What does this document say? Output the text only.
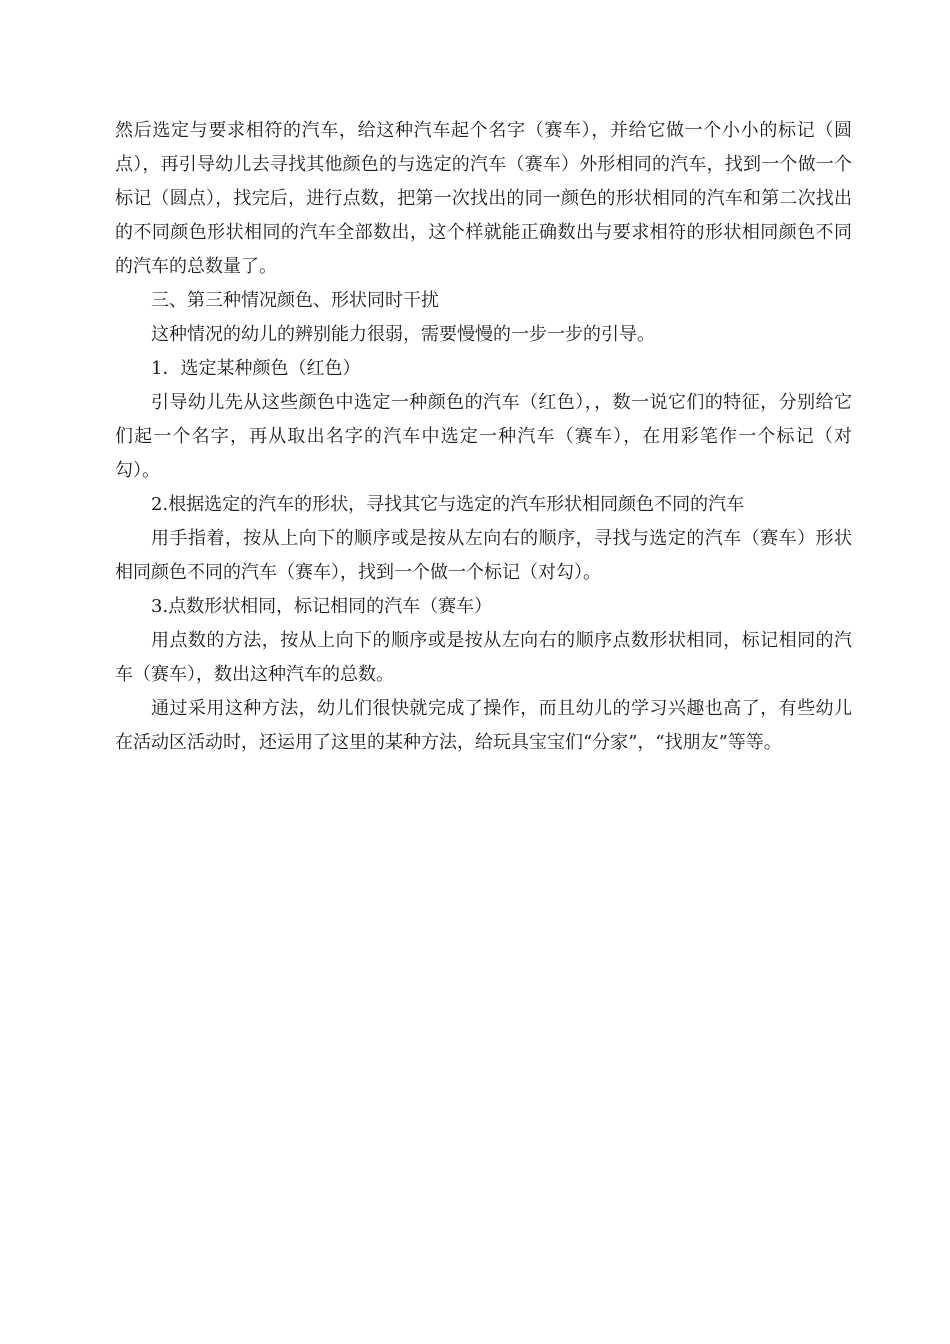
然后选定与要求相符的汽车，给这种汽车起个名字（赛车），并给它做一个小小的标记（圆点），再引导幼儿去寻找其他颜色的与选定的汽车（赛车）外形相同的汽车，找到一个做一个标记（圆点），找完后，进行点数，把第一次找出的同一颜色的形状相同的汽车和第二次找出的不同颜色形状相同的汽车全部数出，这个样就能正确数出与要求相符的形状相同颜色不同的汽车的总数量了。

三、第三种情况颜色、形状同时干扰

这种情况的幼儿的辨别能力很弱，需要慢慢的一步一步的引导。

1．选定某种颜色（红色）

引导幼儿先从这些颜色中选定一种颜色的汽车（红色），，数一说它们的特征，分别给它们起一个名字，再从取出名字的汽车中选定一种汽车（赛车），在用彩笔作一个标记（对勾）。

2.根据选定的汽车的形状，寻找其它与选定的汽车形状相同颜色不同的汽车

用手指着，按从上向下的顺序或是按从左向右的顺序，寻找与选定的汽车（赛车）形状相同颜色不同的汽车（赛车），找到一个做一个标记（对勾）。

3.点数形状相同，标记相同的汽车（赛车）

用点数的方法，按从上向下的顺序或是按从左向右的顺序点数形状相同，标记相同的汽车（赛车），数出这种汽车的总数。

通过采用这种方法，幼儿们很快就完成了操作，而且幼儿的学习兴趣也高了，有些幼儿在活动区活动时，还运用了这里的某种方法，给玩具宝宝们“分家”，“找朋友”等等。
